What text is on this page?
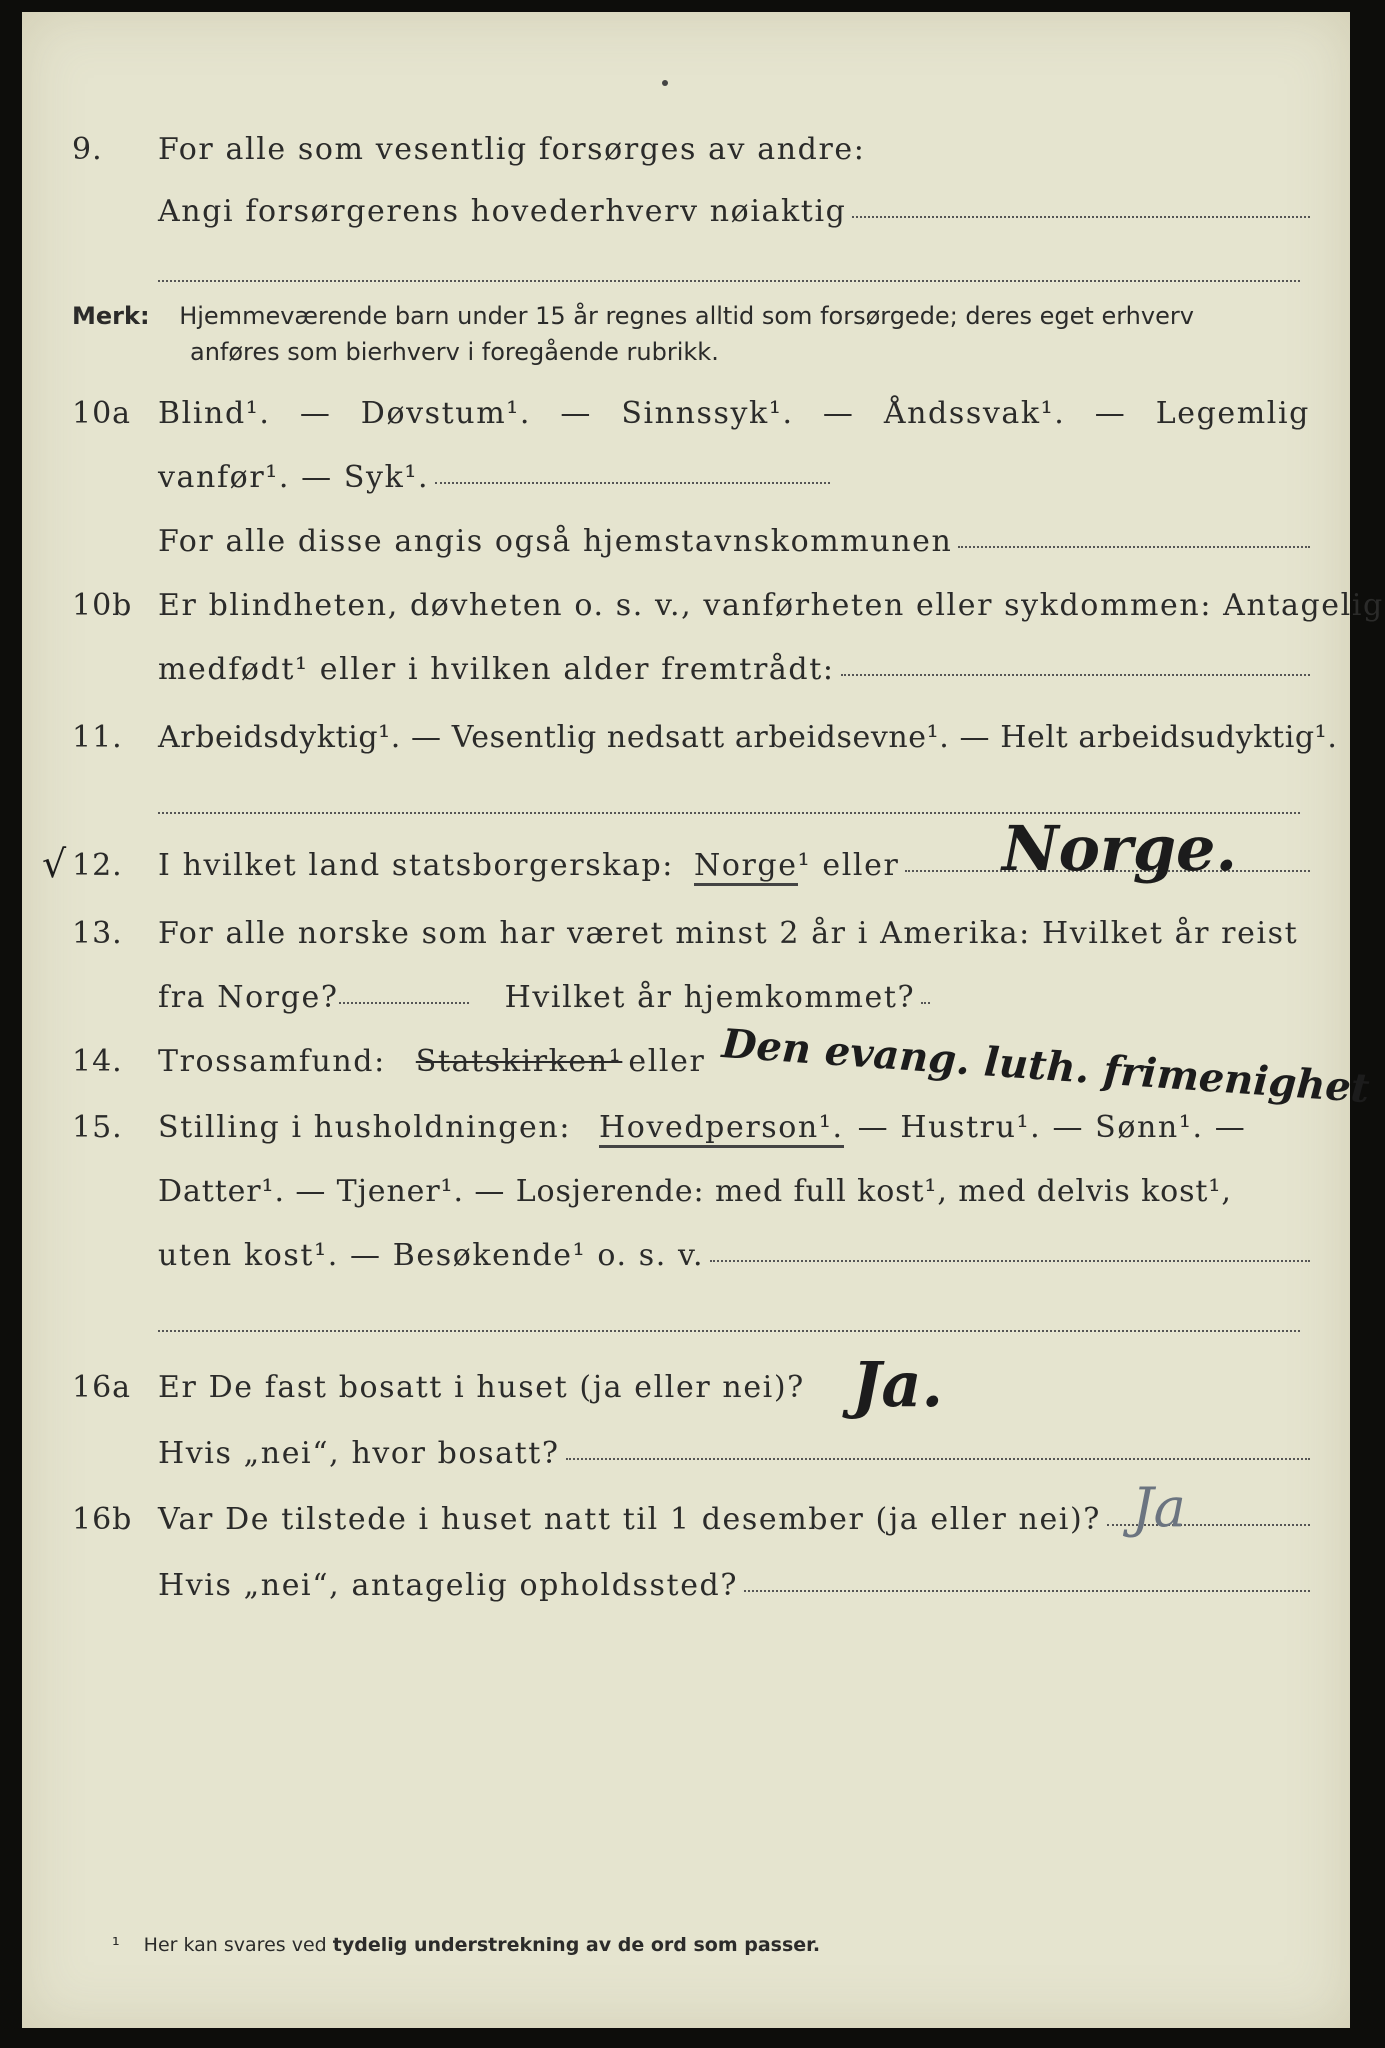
9. For alle som vesentlig forsørges av andre:
Angi forsørgerens hovederhverv nøiaktig
Merk: Hjemmeværende barn under 15 år regnes alltid som forsørgede; deres eget erhverv
anføres som bierhverv i foregående rubrikk.
10a Blind¹. — Døvstum¹. — Sinnssyk¹. — Åndssvak¹. — Legemlig
vanfør¹. — Syk¹.
For alle disse angis også hjemstavnskommunen
10b Er blindheten, døvheten o. s. v., vanførheten eller sykdommen: Antagelig
medfødt¹ eller i hvilken alder fremtrådt:
11. Arbeidsdyktig¹. — Vesentlig nedsatt arbeidsevne¹. — Helt arbeidsudyktig¹.
√ 12. I hvilket land statsborgerskap: Norge ¹ eller Norge.
13. For alle norske som har været minst 2 år i Amerika: Hvilket år reist
fra Norge?	Hvilket år hjemkommet?
14. Trossamfund: Statskirken¹ eller Den evang. luth. frimenighet
15. Stilling i husholdningen: Hovedperson¹. — Hustru¹. — Sønn¹. —
Datter¹. — Tjener¹. — Losjerende: med full kost¹, med delvis kost¹,
uten kost¹. — Besøkende¹ o. s. v.
16a Er De fast bosatt i huset (ja eller nei)? Ja.
Hvis „nei“, hvor bosatt?
16b Var De tilstede i huset natt til 1 desember (ja eller nei)? Ja
Hvis „nei“, antagelig opholdssted?
¹ Her kan svares ved tydelig understrekning av de ord som passer.
